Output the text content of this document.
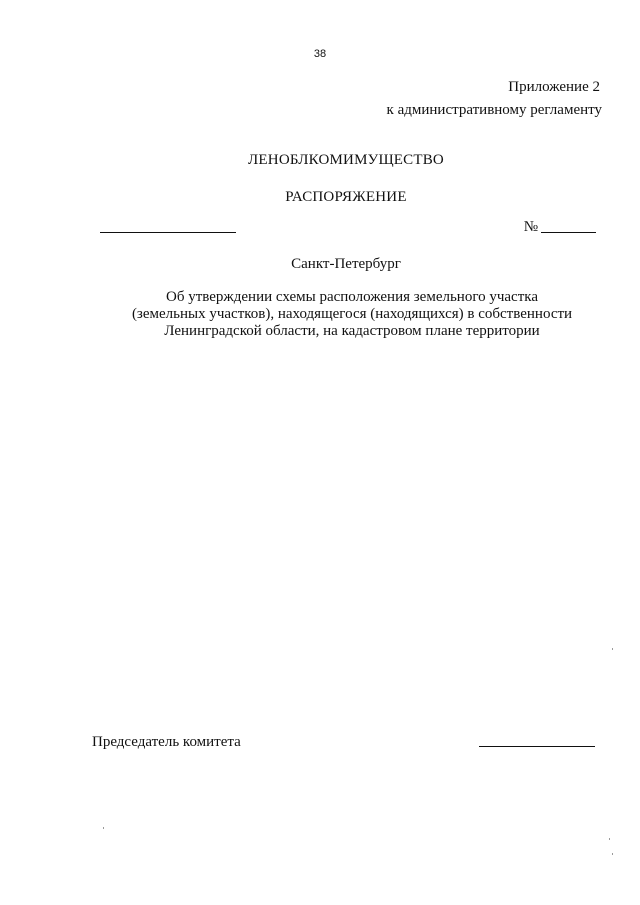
38
Приложение 2
к административному регламенту
ЛЕНОБЛКОМИМУЩЕСТВО
РАСПОРЯЖЕНИЕ
№
Санкт-Петербург
Об утверждении схемы расположения земельного участка
(земельных участков), находящегося (находящихся) в собственности
Ленинградской области, на кадастровом плане территории
Председатель комитета
